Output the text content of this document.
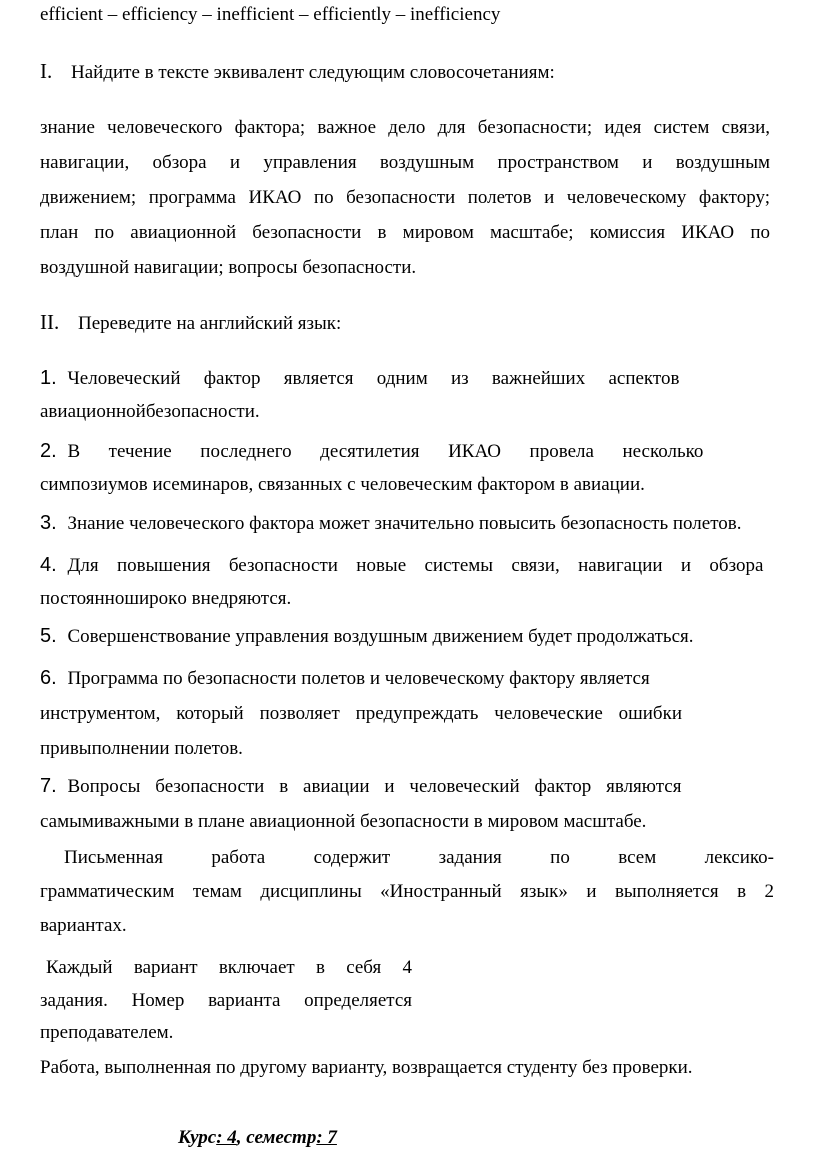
efficient – efficiency – inefficient – efficiently – inefficiency
I. Найдите в тексте эквивалент следующим словосочетаниям:
знание человеческого фактора; важное дело для безопасности; идея систем связи,
навигации, обзора и управления воздушным пространством и воздушным
движением; программа ИКАО по безопасности полетов и человеческому фактору;
план по авиационной безопасности в мировом масштабе; комиссия ИКАО по
воздушной навигации; вопросы безопасности.
II. Переведите на английский язык:
1. Человеческий фактор является одним из важнейших аспектов
авиационнойбезопасности.
2. В течение последнего десятилетия ИКАО провела несколько
симпозиумов исеминаров, связанных с человеческим фактором в авиации.
3. Знание человеческого фактора может значительно повысить безопасность полетов.
4. Для повышения безопасности новые системы связи, навигации и обзора
постоянноширокo внедряются.
5. Совершенствование управления воздушным движением будет продолжаться.
6. Программа по безопасности полетов и человеческому фактору является
инструментом, который позволяет предупреждать человеческие ошибки
привыполнении полетов.
7. Вопросы безопасности в авиации и человеческий фактор являются
самымиважными в плане авиационной безопасности в мировом масштабе.
Письменная работа содержит задания по всем лексико-
грамматическим темам дисциплины «Иностранный язык» и выполняется в 2
вариантах.
Каждый вариант включает в себя 4
задания. Номер варианта определяется
преподавателем.
Работа, выполненная по другому варианту, возвращается студенту без проверки.
Курс: 4, семестр: 7
